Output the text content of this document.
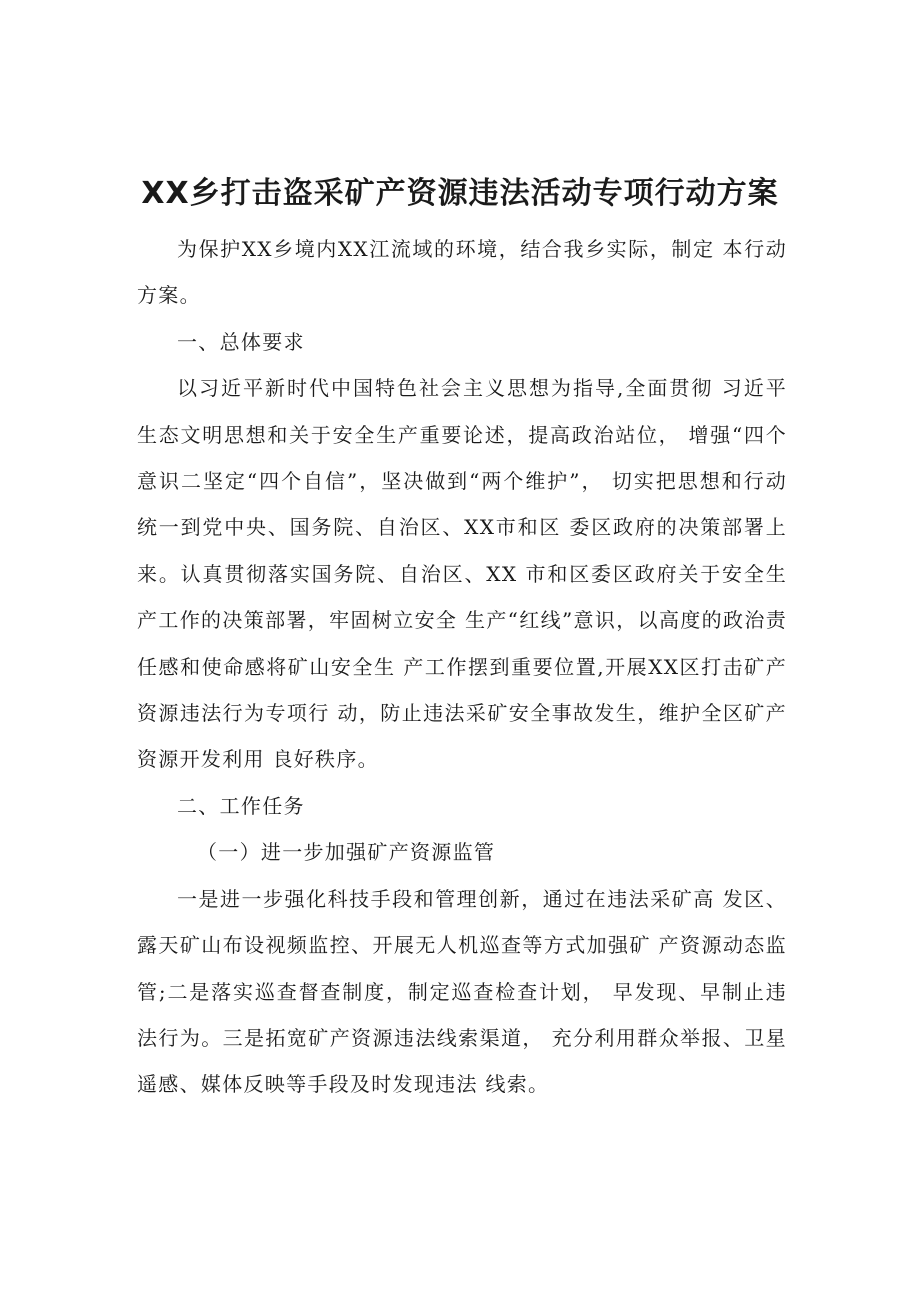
XX乡打击盗采矿产资源违法活动专项行动方案

为保护XX乡境内XX江流域的环境，结合我乡实际，制定 本行动方案。

一、总体要求

以习近平新时代中国特色社会主义思想为指导,全面贯彻 习近平生态文明思想和关于安全生产重要论述，提高政治站位， 增强“四个意识二坚定“四个自信”，坚决做到“两个维护”， 切实把思想和行动统一到党中央、国务院、自治区、XX市和区 委区政府的决策部署上来。认真贯彻落实国务院、自治区、XX 市和区委区政府关于安全生产工作的决策部署，牢固树立安全 生产“红线”意识，以高度的政治责任感和使命感将矿山安全生 产工作摆到重要位置,开展XX区打击矿产资源违法行为专项行 动，防止违法采矿安全事故发生，维护全区矿产资源开发利用 良好秩序。

二、工作任务

（一）进一步加强矿产资源监管

一是进一步强化科技手段和管理创新，通过在违法采矿高 发区、露天矿山布设视频监控、开展无人机巡查等方式加强矿 产资源动态监管;二是落实巡查督查制度，制定巡查检查计划， 早发现、早制止违法行为。三是拓宽矿产资源违法线索渠道， 充分利用群众举报、卫星遥感、媒体反映等手段及时发现违法 线索。
